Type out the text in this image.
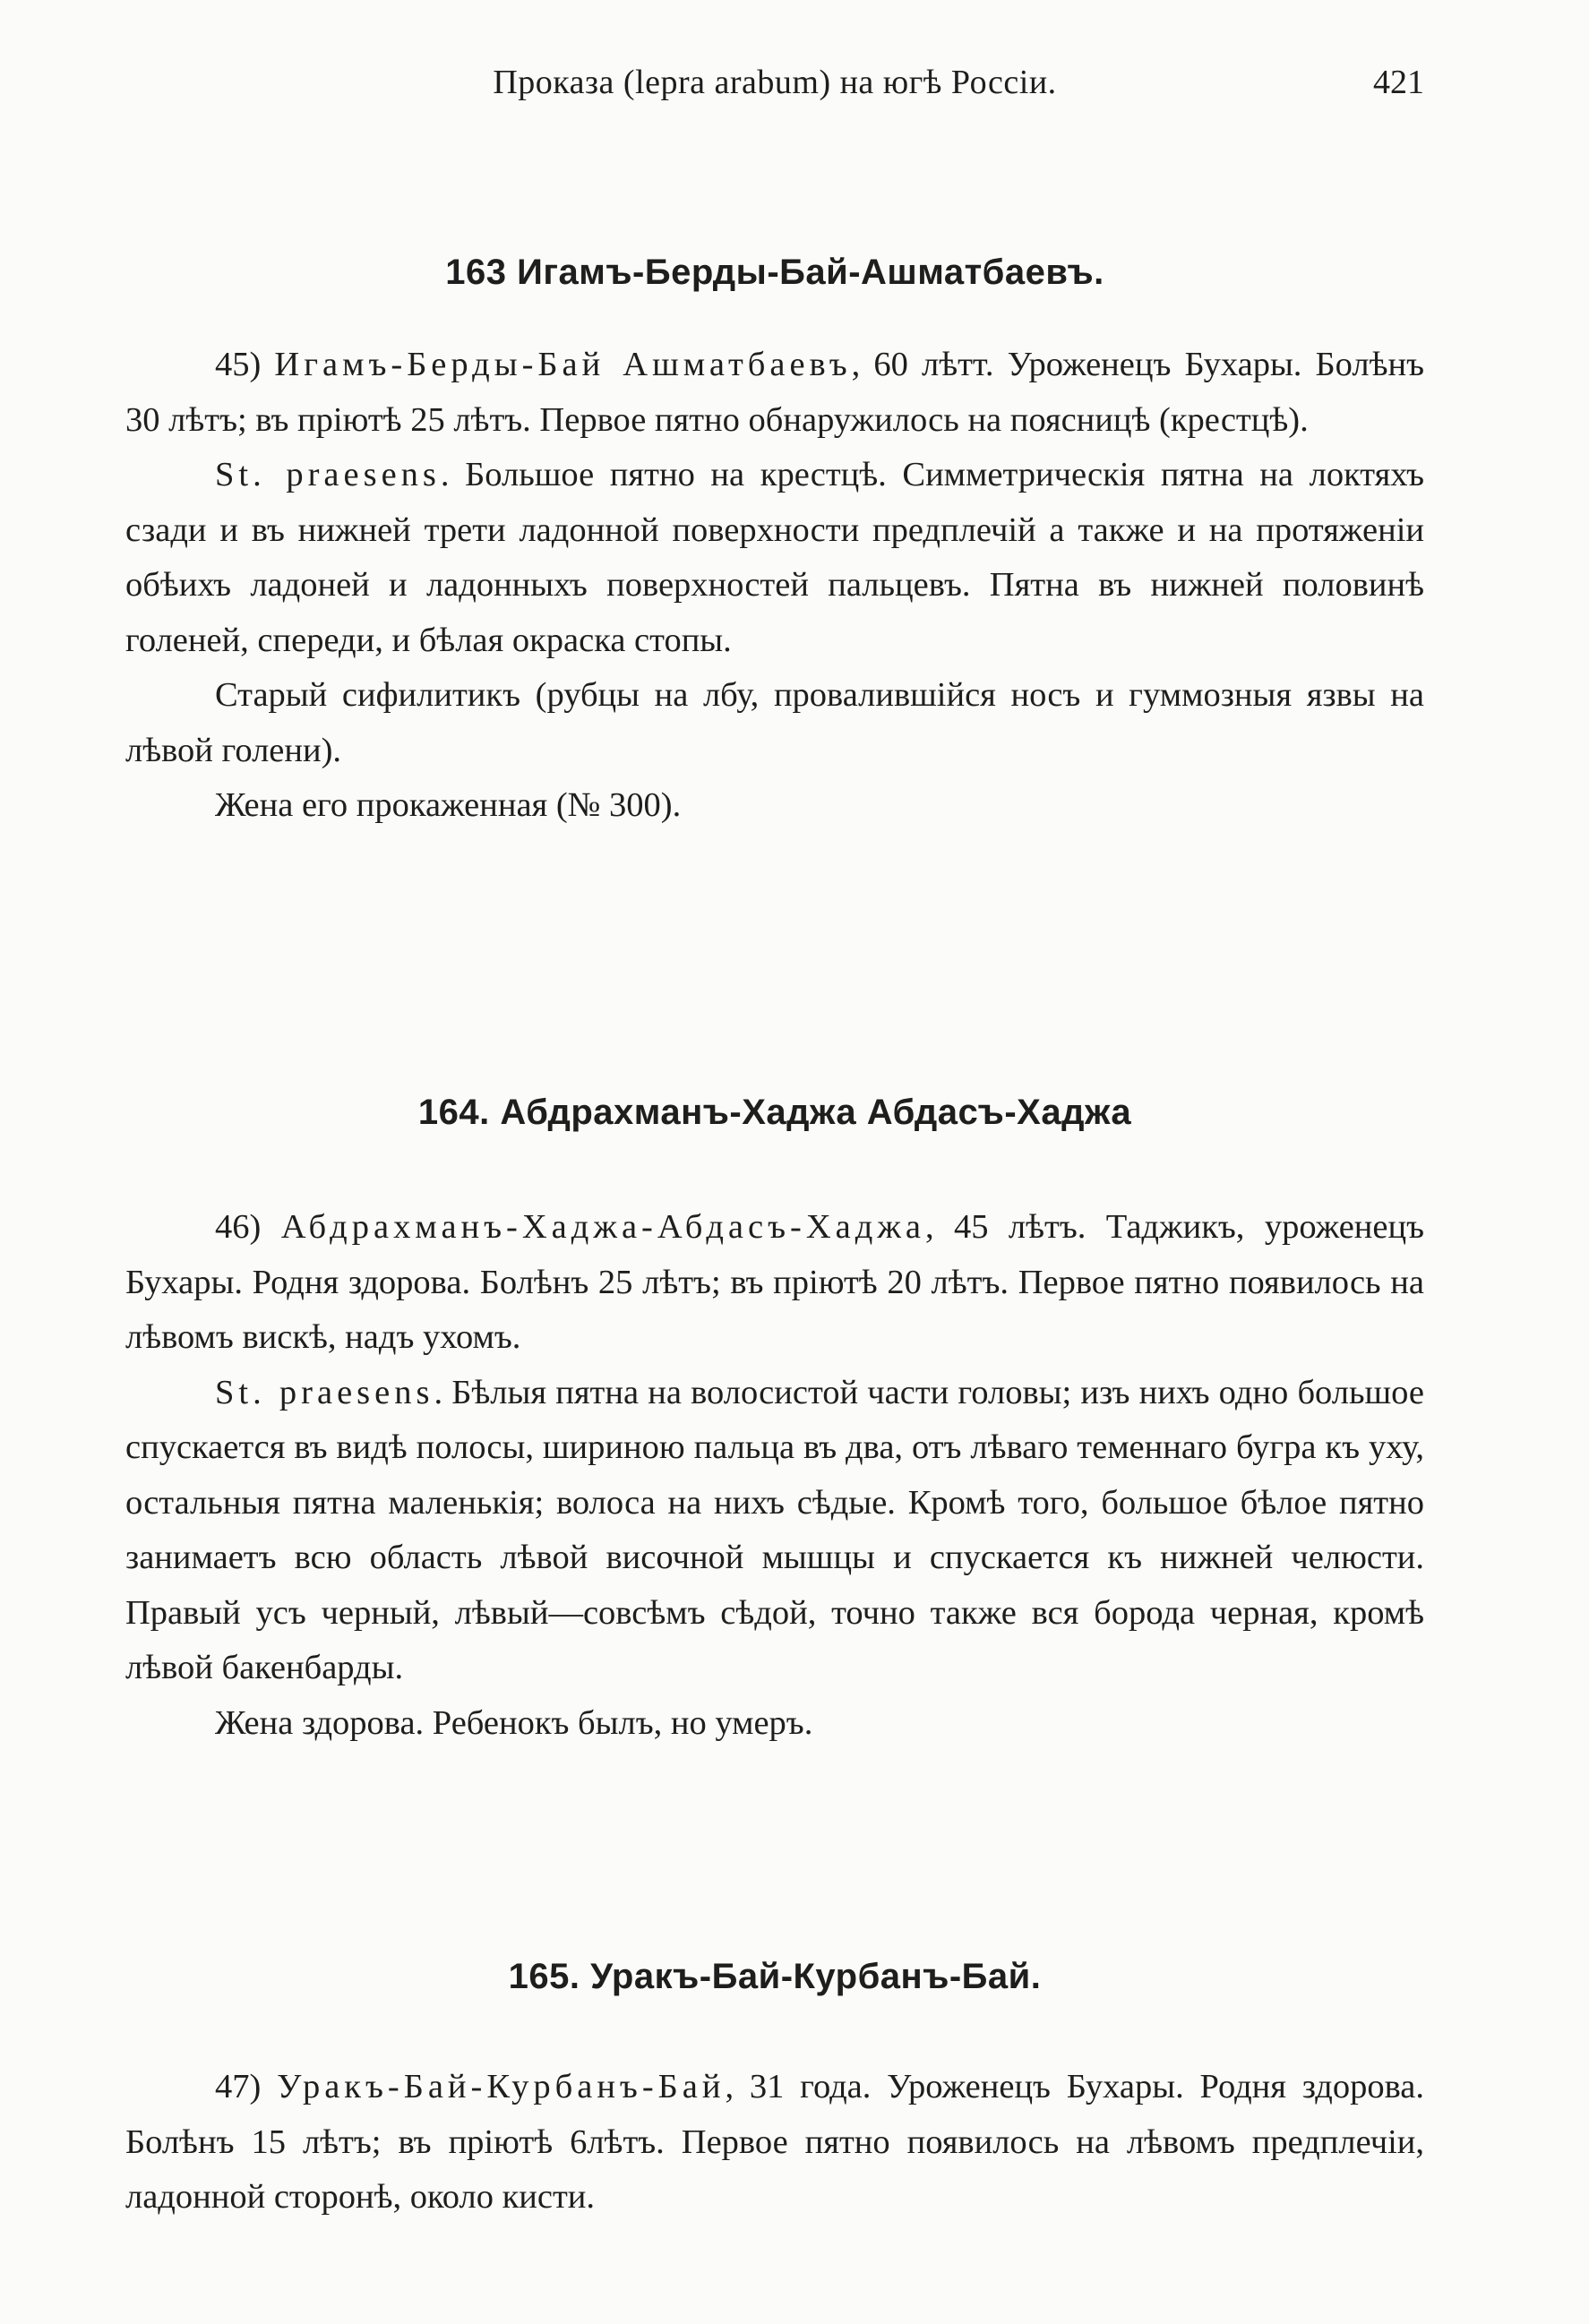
Проказа (lepra arabum) на югѣ Россіи.	421
163 Игамъ-Берды-Бай-Ашматбаевъ.

45) Игамъ-Берды-Бай Ашматбаевъ, 60 лѣтт. Уроженецъ Бухары. Болѣнъ 30 лѣтъ; въ пріютѣ 25 лѣтъ. Первое пятно обнаружилось на поясницѣ (крестцѣ).

St. praesens. Большое пятно на крестцѣ. Симметрическія пятна на локтяхъ сзади и въ нижней трети ладонной поверхности предплечій а также и на протяженіи обѣихъ ладоней и ладонныхъ поверхностей пальцевъ. Пятна въ нижней половинѣ голеней, спереди, и бѣлая окраска стопы.

Старый сифилитикъ (рубцы на лбу, провалившійся носъ и гуммозныя язвы на лѣвой голени).

Жена его прокаженная (№ 300).

164. Абдрахманъ-Хаджа Абдасъ-Хаджа

46) Абдрахманъ-Хаджа-Абдасъ-Хаджа, 45 лѣтъ. Таджикъ, уроженецъ Бухары. Родня здорова. Болѣнъ 25 лѣтъ; въ пріютѣ 20 лѣтъ. Первое пятно появилось на лѣвомъ вискѣ, надъ ухомъ.

St. praesens. Бѣлыя пятна на волосистой части головы; изъ нихъ одно большое спускается въ видѣ полосы, шириною пальца въ два, отъ лѣваго теменнаго бугра къ уху, остальныя пятна маленькія; волоса на нихъ сѣдые. Кромѣ того, большое бѣлое пятно занимаетъ всю область лѣвой височной мышцы и спускается къ нижней челюсти. Правый усъ черный, лѣвый—совсѣмъ сѣдой, точно также вся борода черная, кромѣ лѣвой бакенбарды.

Жена здорова. Ребенокъ былъ, но умеръ.

165. Уракъ-Бай-Курбанъ-Бай.

47) Уракъ-Бай-Курбанъ-Бай, 31 года. Уроженецъ Бухары. Родня здорова. Болѣнъ 15 лѣтъ; въ пріютѣ 6лѣтъ. Первое пятно появилось на лѣвомъ предплечіи, ладонной сторонѣ, около кисти.
